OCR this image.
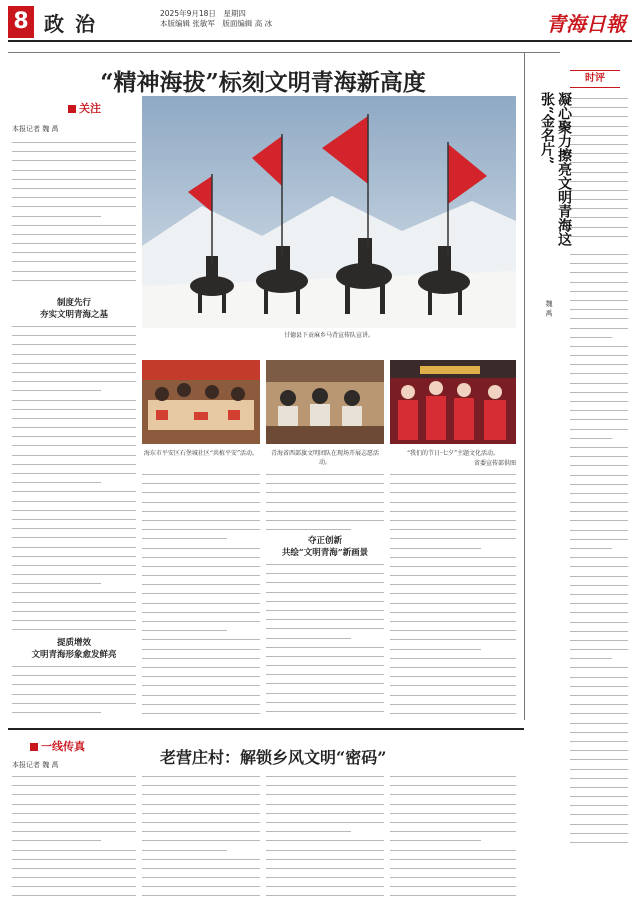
8 政 治	2025年9月18日　星期四
本版编辑 张敏军　版面编辑 高 冰	青海日報
“精神海拔”标刻文明青海新高度
关注
本报记者 魏 禹
制度先行
夯实文明青海之基
提质增效
文明青海形象愈发鲜亮
甘德县下贡麻乡马背宣传队宣讲。
海东市平安区石堡城社区“共植平安”活动。	青海省西部旗文明团队在现场开展志愿活动。
“我们的节日·七夕”主题文化活动。
省委宣传部供图
夺正创新
共绘“文明青海”新画景
时评
凝心聚力擦亮文明青海这张“金名片”
魏 禹
一线传真
老营庄村：解锁乡风文明“密码”
本报记者 魏 禹
